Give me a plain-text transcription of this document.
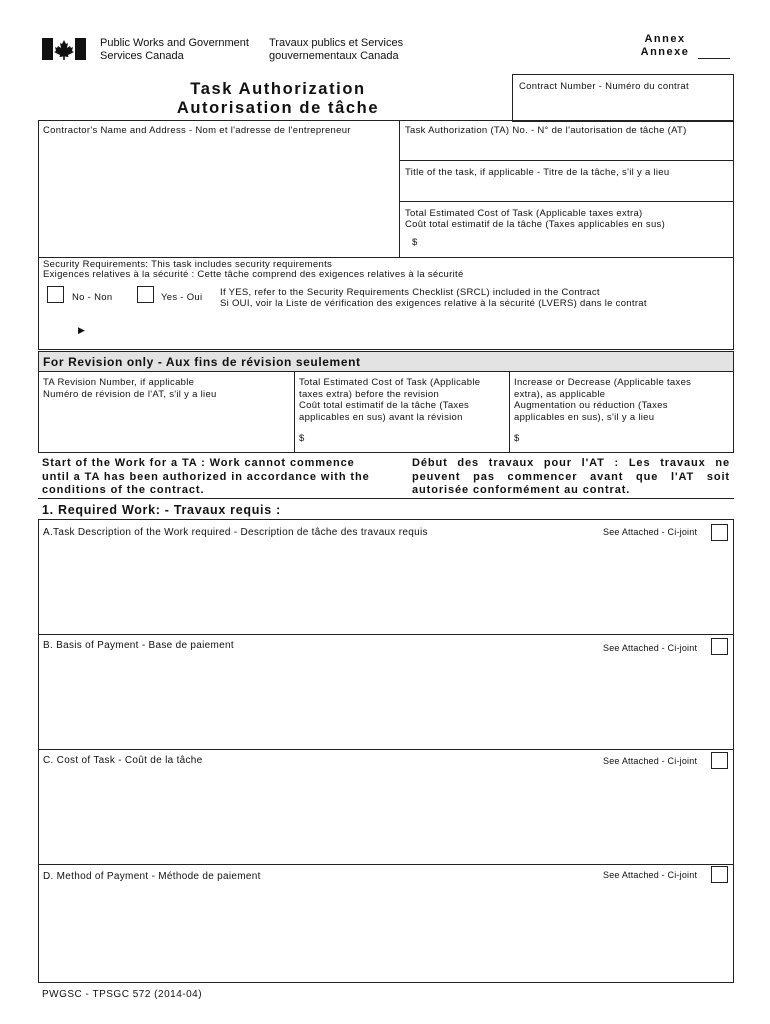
Public Works and Government
Services Canada
Travaux publics et Services
gouvernementaux Canada
Annex
Annexe
Task Authorization
Autorisation de tâche
Contract Number - Numéro du contrat
Contractor's Name and Address - Nom et l'adresse de l'entrepreneur	Task Authorization (TA) No. - N° de l'autorisation de tâche (AT)
Title of the task, if applicable - Titre de la tâche, s'il y a lieu
Total Estimated Cost of Task (Applicable taxes extra)
Coût total estimatif de la tâche (Taxes applicables en sus)
$
Security Requirements: This task includes security requirements
Exigences relatives à la sécurité : Cette tâche comprend des exigences relatives à la sécurité
No - Non	Yes - Oui If YES, refer to the Security Requirements Checklist (SRCL) included in the Contract
Si OUI, voir la Liste de vérification des exigences relative à la sécurité (LVERS) dans le contrat
▶
For Revision only - Aux fins de révision seulement
TA Revision Number, if applicable
Numéro de révision de l'AT, s'il y a lieu
Total Estimated Cost of Task (Applicable
taxes extra) before the revision
Coût total estimatif de la tâche (Taxes
applicables en sus) avant la révision
$
Increase or Decrease (Applicable taxes
extra), as applicable
Augmentation ou réduction (Taxes
applicables en sus), s'il y a lieu
$
Start of the Work for a TA : Work cannot commence
until a TA has been authorized in accordance with the
conditions of the contract.
Début des travaux pour l'AT : Les travaux ne
peuvent pas commencer avant que l'AT soit
autorisée conformément au contrat.
1. Required Work: - Travaux requis :
A.Task Description of the Work required - Description de tâche des travaux requis	See Attached - Ci-joint
B. Basis of Payment - Base de paiement	See Attached - Ci-joint
C. Cost of Task - Coût de la tâche	See Attached - Ci-joint
D. Method of Payment - Méthode de paiement	See Attached - Ci-joint
PWGSC - TPSGC 572 (2014-04)
